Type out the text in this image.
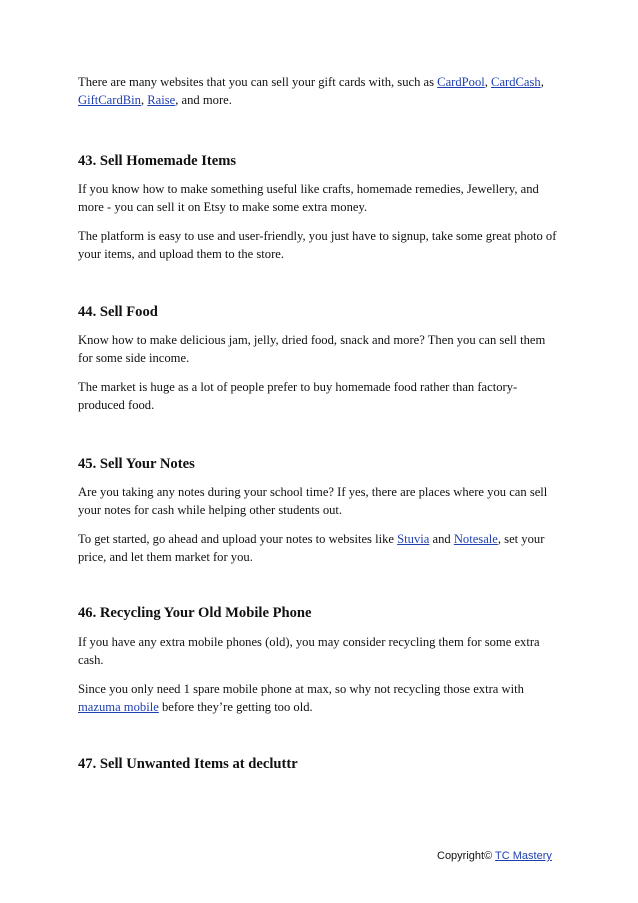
There are many websites that you can sell your gift cards with, such as CardPool, CardCash,
GiftCardBin, Raise, and more.

43. Sell Homemade Items

If you know how to make something useful like crafts, homemade remedies, Jewellery, and more - you can sell it on Etsy to make some extra money.

The platform is easy to use and user-friendly, you just have to signup, take some great photo of your items, and upload them to the store.

44. Sell Food

Know how to make delicious jam, jelly, dried food, snack and more? Then you can sell them for some side income.

The market is huge as a lot of people prefer to buy homemade food rather than factory-produced food.

45. Sell Your Notes

Are you taking any notes during your school time? If yes, there are places where you can sell your notes for cash while helping other students out.

To get started, go ahead and upload your notes to websites like Stuvia and Notesale, set your price, and let them market for you.

46. Recycling Your Old Mobile Phone

If you have any extra mobile phones (old), you may consider recycling them for some extra cash.

Since you only need 1 spare mobile phone at max, so why not recycling those extra with mazuma mobile before they’re getting too old.

47. Sell Unwanted Items at decluttr
Copyright© TC Mastery
